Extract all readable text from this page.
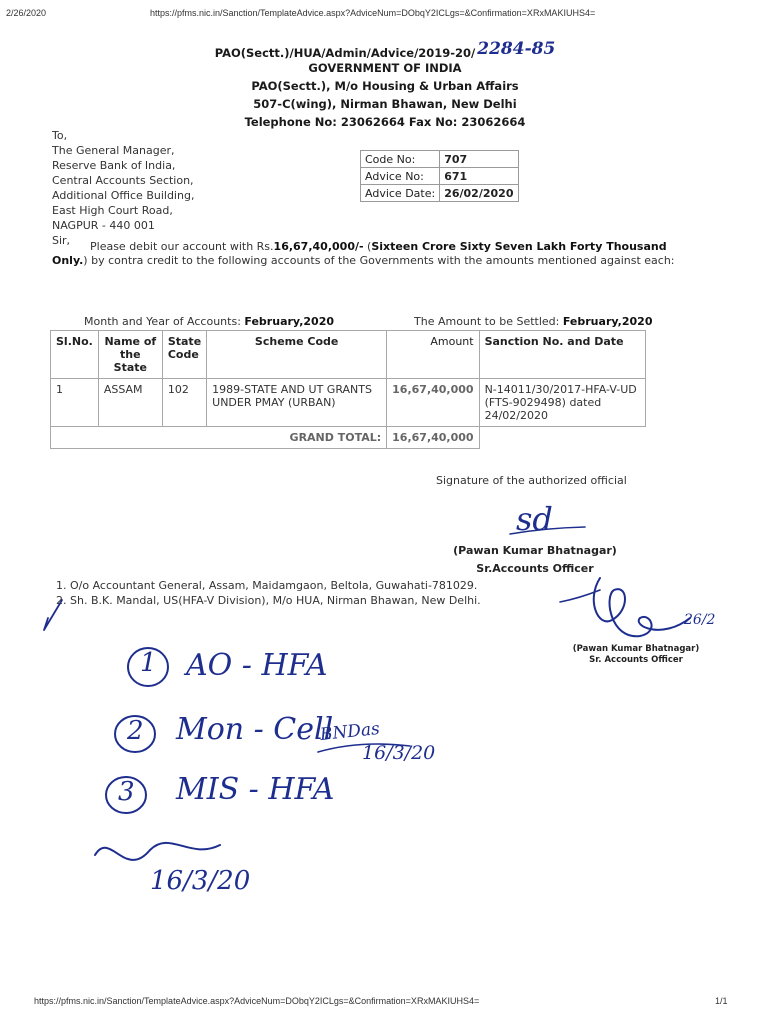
2/26/2020	https://pfms.nic.in/Sanction/TemplateAdvice.aspx?AdviceNum=DObqY2ICLgs=&Confirmation=XRxMAKIUHS4=
https://pfms.nic.in/Sanction/TemplateAdvice.aspx?AdviceNum=DObqY2ICLgs=&Confirmation=XRxMAKIUHS4=	1/1
PAO(Sectt.)/HUA/Admin/Advice/2019-20/ 2284-85
GOVERNMENT OF INDIA
PAO(Sectt.), M/o Housing & Urban Affairs
507-C(wing), Nirman Bhawan, New Delhi
Telephone No: 23062664 Fax No: 23062664
To,
The General Manager,
Reserve Bank of India,
Central Accounts Section,
Additional Office Building,
East High Court Road,
NAGPUR - 440 001
Sir,
Code No:	707
Advice No:	671
Advice Date:	26/02/2020
Please debit our account with Rs.16,67,40,000/- (Sixteen Crore Sixty Seven Lakh Forty Thousand Only.) by contra credit to the following accounts of the Governments with the amounts mentioned against each:
Month and Year of Accounts: February,2020	The Amount to be Settled: February,2020
Sl.No.	Name of the State	State Code	Scheme Code	Amount	Sanction No. and Date
1	ASSAM	102	1989-STATE AND UT GRANTS UNDER PMAY (URBAN)	16,67,40,000	N-14011/30/2017-HFA-V-UD (FTS-9029498) dated 24/02/2020
GRAND TOTAL:				16,67,40,000	
Signature of the authorized official
sd
(Pawan Kumar Bhatnagar)
Sr.Accounts Officer
1. O/o Accountant General, Assam, Maidamgaon, Beltola, Guwahati-781029.
2. Sh. B.K. Mandal, US(HFA-V Division), M/o HUA, Nirman Bhawan, New Delhi.
(Pawan Kumar Bhatnagar)
Sr. Accounts Officer
1 AO - HFA
2 Mon - Cell
BNDas
16/3/20
3 MIS - HFA
16/3/20
26/2
